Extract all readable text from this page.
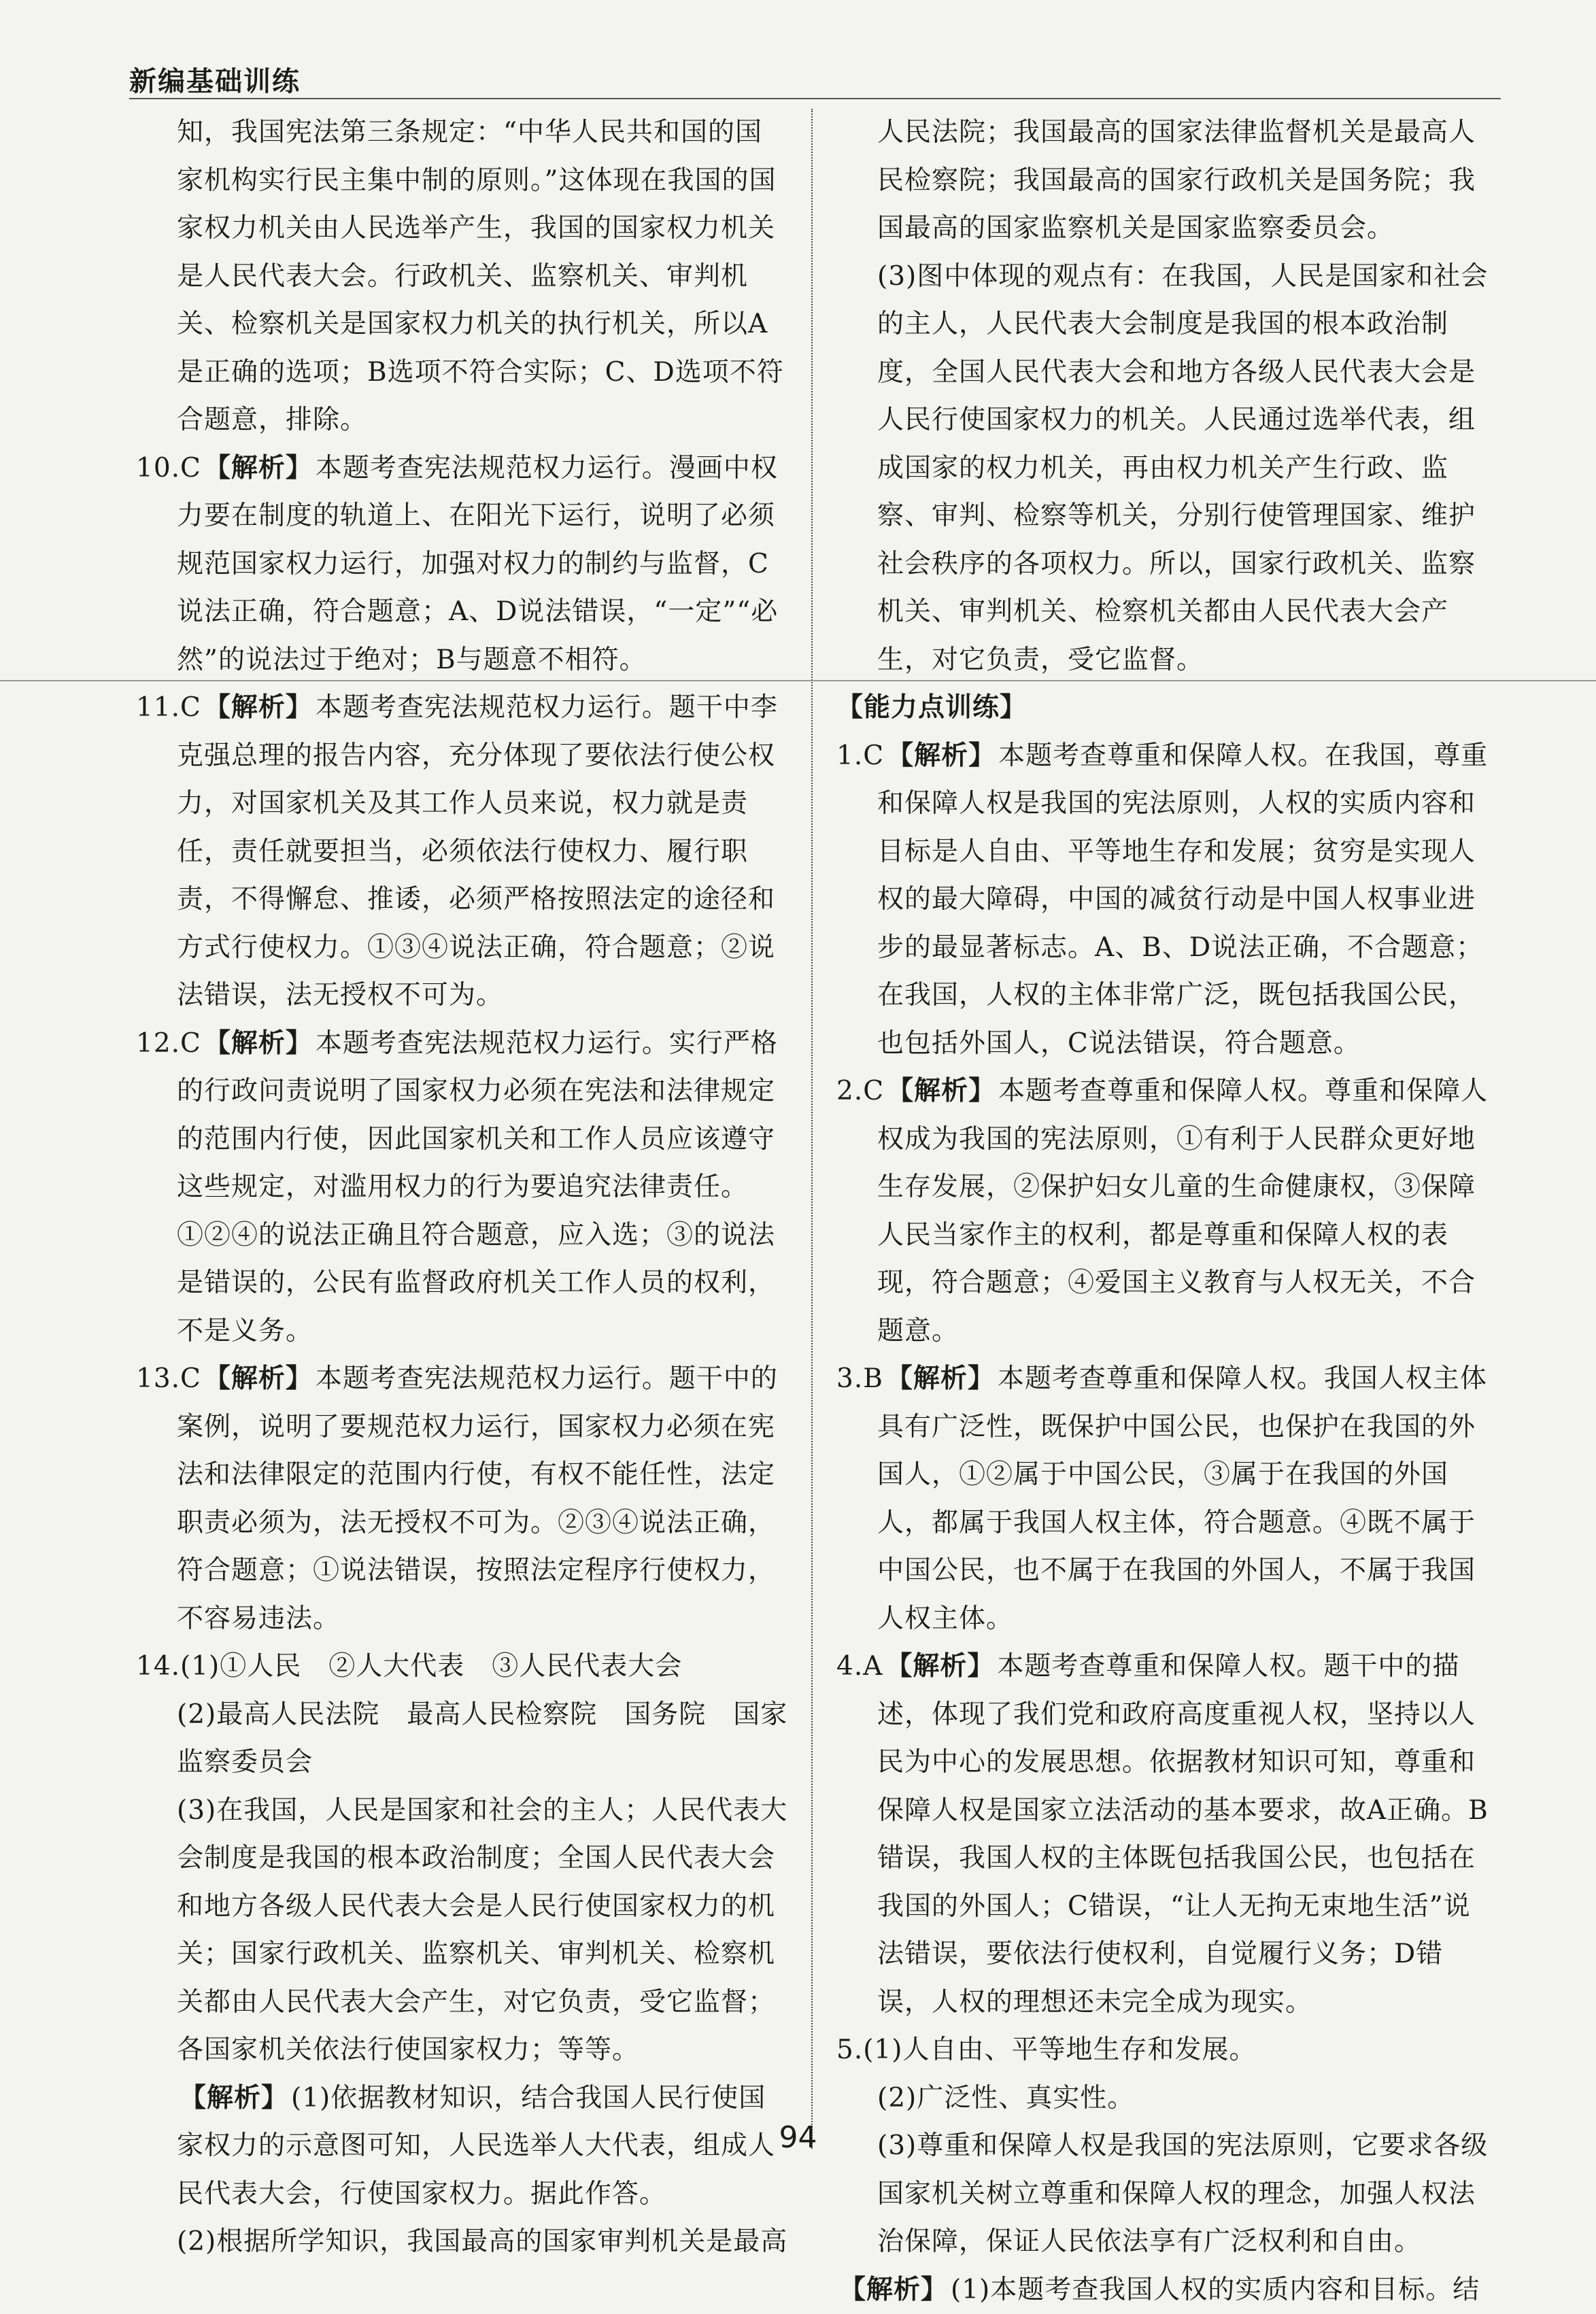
新编基础训练

知，我国宪法第三条规定：“中华人民共和国的国家机构实行民主集中制的原则。”这体现在我国的国家权力机关由人民选举产生，我国的国家权力机关是人民代表大会。行政机关、监察机关、审判机关、检察机关是国家权力机关的执行机关，所以A是正确的选项；B选项不符合实际；C、D选项不符合题意，排除。

10.C 【解析】 本题考查宪法规范权力运行。漫画中权力要在制度的轨道上、在阳光下运行，说明了必须规范国家权力运行，加强对权力的制约与监督，C说法正确，符合题意；A、D说法错误，“一定”“必然”的说法过于绝对；B与题意不相符。

11.C 【解析】 本题考查宪法规范权力运行。题干中李克强总理的报告内容，充分体现了要依法行使公权力，对国家机关及其工作人员来说，权力就是责任，责任就要担当，必须依法行使权力、履行职责，不得懈怠、推诿，必须严格按照法定的途径和方式行使权力。①③④说法正确，符合题意；②说法错误，法无授权不可为。

12.C 【解析】 本题考查宪法规范权力运行。实行严格的行政问责说明了国家权力必须在宪法和法律规定的范围内行使，因此国家机关和工作人员应该遵守这些规定，对滥用权力的行为要追究法律责任。①②④的说法正确且符合题意，应入选；③的说法是错误的，公民有监督政府机关工作人员的权利，不是义务。

13.C 【解析】 本题考查宪法规范权力运行。题干中的案例，说明了要规范权力运行，国家权力必须在宪法和法律限定的范围内行使，有权不能任性，法定职责必须为，法无授权不可为。②③④说法正确，符合题意；①说法错误，按照法定程序行使权力，不容易违法。

14.(1)①人民　②人大代表　③人民代表大会

(2)最高人民法院　最高人民检察院　国务院　国家监察委员会

(3)在我国，人民是国家和社会的主人；人民代表大会制度是我国的根本政治制度；全国人民代表大会和地方各级人民代表大会是人民行使国家权力的机关；国家行政机关、监察机关、审判机关、检察机关都由人民代表大会产生，对它负责，受它监督；各国家机关依法行使国家权力；等等。

【解析】 (1)依据教材知识，结合我国人民行使国家权力的示意图可知，人民选举人大代表，组成人民代表大会，行使国家权力。据此作答。

(2)根据所学知识，我国最高的国家审判机关是最高

人民法院；我国最高的国家法律监督机关是最高人民检察院；我国最高的国家行政机关是国务院；我国最高的国家监察机关是国家监察委员会。

(3)图中体现的观点有：在我国，人民是国家和社会的主人，人民代表大会制度是我国的根本政治制度，全国人民代表大会和地方各级人民代表大会是人民行使国家权力的机关。人民通过选举代表，组成国家的权力机关，再由权力机关产生行政、监察、审判、检察等机关，分别行使管理国家、维护社会秩序的各项权力。所以，国家行政机关、监察机关、审判机关、检察机关都由人民代表大会产生，对它负责，受它监督。

【能力点训练】

1.C 【解析】 本题考查尊重和保障人权。在我国，尊重和保障人权是我国的宪法原则，人权的实质内容和目标是人自由、平等地生存和发展；贫穷是实现人权的最大障碍，中国的减贫行动是中国人权事业进步的最显著标志。A、B、D说法正确，不合题意；在我国，人权的主体非常广泛，既包括我国公民，也包括外国人，C说法错误，符合题意。

2.C 【解析】 本题考查尊重和保障人权。尊重和保障人权成为我国的宪法原则，①有利于人民群众更好地生存发展，②保护妇女儿童的生命健康权，③保障人民当家作主的权利，都是尊重和保障人权的表现，符合题意；④爱国主义教育与人权无关，不合题意。

3.B 【解析】 本题考查尊重和保障人权。我国人权主体具有广泛性，既保护中国公民，也保护在我国的外国人，①②属于中国公民，③属于在我国的外国人，都属于我国人权主体，符合题意。④既不属于中国公民，也不属于在我国的外国人，不属于我国人权主体。

4.A 【解析】 本题考查尊重和保障人权。题干中的描述，体现了我们党和政府高度重视人权，坚持以人民为中心的发展思想。依据教材知识可知，尊重和保障人权是国家立法活动的基本要求，故A正确。B错误，我国人权的主体既包括我国公民，也包括在我国的外国人；C错误，“让人无拘无束地生活”说法错误，要依法行使权利，自觉履行义务；D错误，人权的理想还未完全成为现实。

5.(1)人自由、平等地生存和发展。

(2)广泛性、真实性。

(3)尊重和保障人权是我国的宪法原则，它要求各级国家机关树立尊重和保障人权的理念，加强人权法治保障，保证人民依法享有广泛权利和自由。

【解析】 (1)本题考查我国人权的实质内容和目标。结

94
